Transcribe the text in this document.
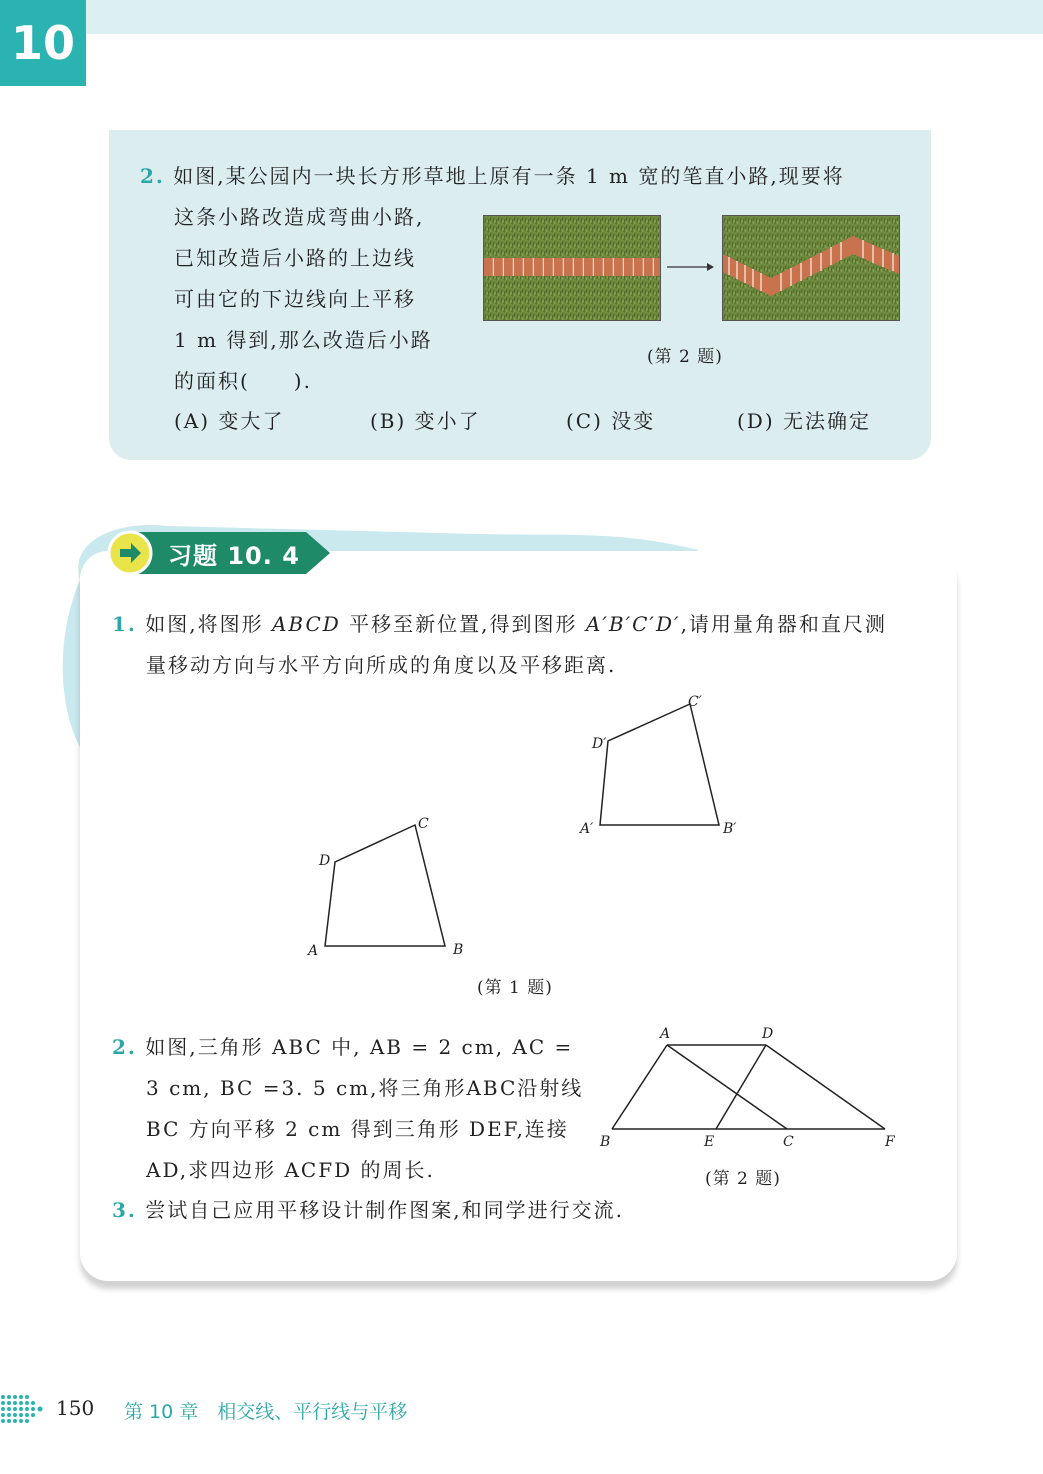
10
2. 如图,某公园内一块长方形草地上原有一条 1 m 宽的笔直小路,现要将
这条小路改造成弯曲小路,
已知改造后小路的上边线
可由它的下边线向上平移
1 m 得到,那么改造后小路
的面积(　　).
(A) 变大了	(B) 变小了	(C) 没变	(D) 无法确定
(第 2 题)
习题 10. 4
1. 如图,将图形 ABCD 平移至新位置,得到图形 A′B′C′D′,请用量角器和直尺测
量移动方向与水平方向所成的角度以及平移距离.
A	B
C
D
A′	B′
C′
D′
(第 1 题)
2. 如图,三角形 ABC 中, AB = 2 cm, AC =
3 cm, BC =3. 5 cm,将三角形ABC沿射线
BC 方向平移 2 cm 得到三角形 DEF,连接
AD,求四边形 ACFD 的周长.
A	D
B	E	C	F
(第 2 题)
3. 尝试自己应用平移设计制作图案,和同学进行交流.
150 第 10 章　相交线、平行线与平移
